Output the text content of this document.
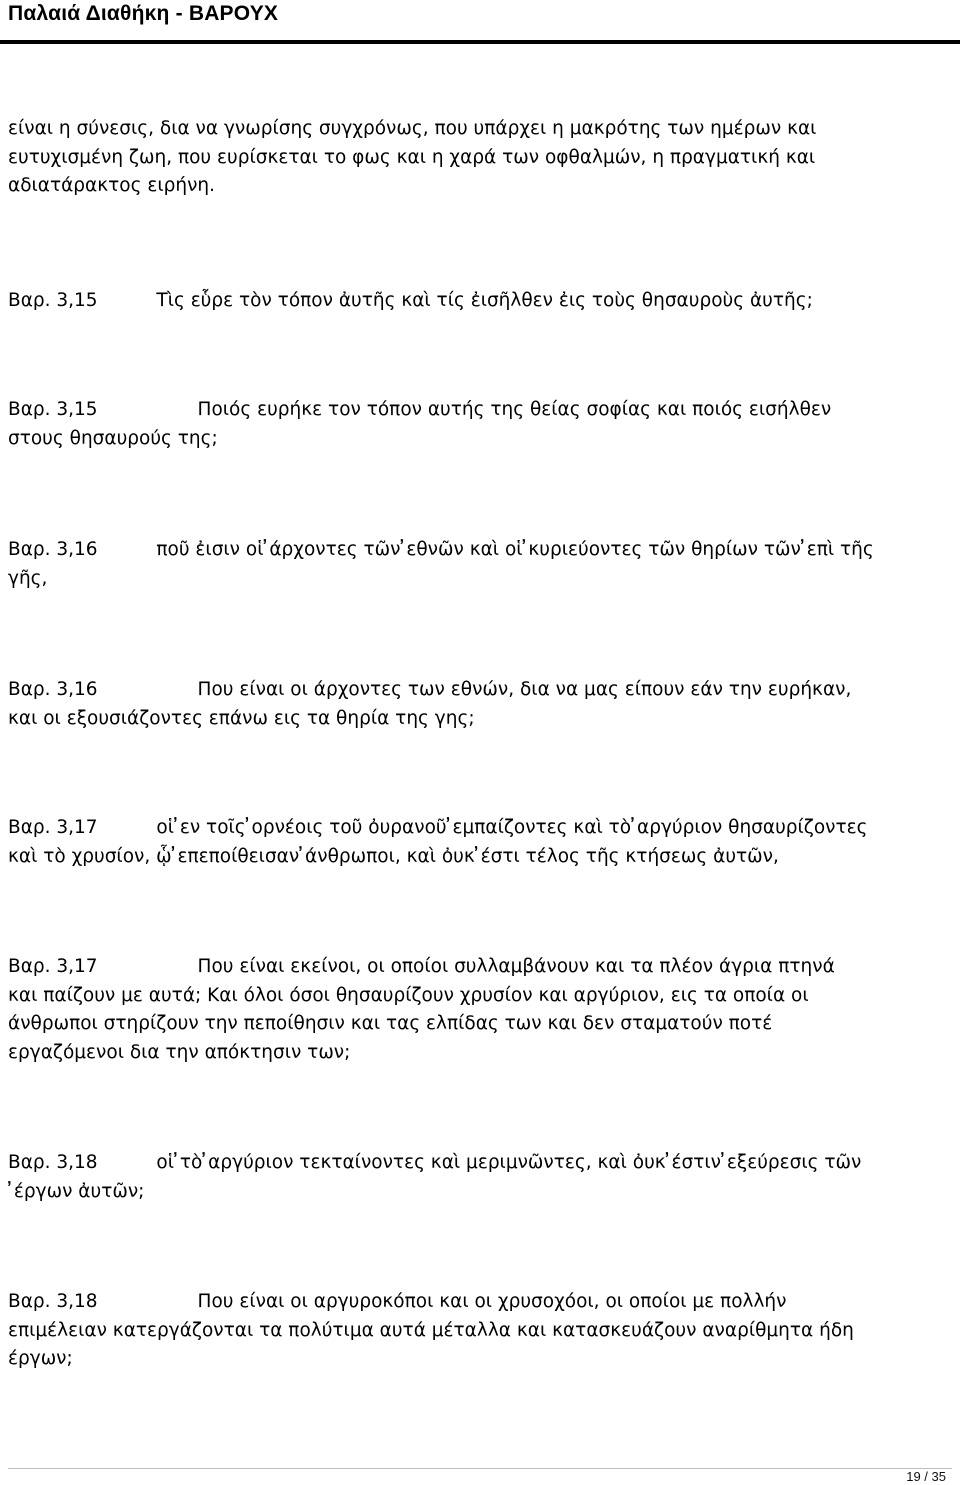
Παλαιά Διαθήκη - ΒΑΡΟΥΧ
είναι η σύνεσις, δια να γνωρίσης συγχρόνως, που υπάρχει η μακρότης των ημέρων και
ευτυχισμένη ζωη, που ευρίσκεται το φως και η χαρά των οφθαλμών, η πραγματική και
αδιατάρακτος ειρήνη.
Βαρ. 3,15          Τὶς εὗρε τὸν τόπον ἀυτῆς καὶ τίς ἐισῆλθεν ἐις τοὺς θησαυροὺς ἀυτῆς;
Βαρ. 3,15                 Ποιός ευρήκε τον τόπον αυτής της θείας σοφίας και ποιός εισήλθεν
στους θησαυρούς της;
Βαρ. 3,16          ποῦ ἐισιν οἱ ̓άρχοντες τῶν ̓εθνῶν καὶ οἱ ̓κυριεύοντες τῶν θηρίων τῶν ̓επὶ τῆς
γῆς,
Βαρ. 3,16                 Που είναι οι άρχοντες των εθνών, δια να μας είπουν εάν την ευρήκαν,
και οι εξουσιάζοντες επάνω εις τα θηρία της γης;
Βαρ. 3,17          οἱ ̓εν τοῖς ̓ορνέοις τοῦ ὀυρανοῦ ̓εμπαίζοντες καὶ τὸ ̓αργύριον θησαυρίζοντες
καὶ τὸ χρυσίον, ᾧ ̓επεποίθεισαν ̓άνθρωποι, καὶ ὀυκ ̓έστι τέλος τῆς κτήσεως ἀυτῶν,
Βαρ. 3,17                 Που είναι εκείνοι, οι οποίοι συλλαμβάνουν και τα πλέον άγρια πτηνά
και παίζουν με αυτά; Και όλοι όσοι θησαυρίζουν χρυσίον και αργύριον, εις τα οποία οι
άνθρωποι στηρίζουν την πεποίθησιν και τας ελπίδας των και δεν σταματούν ποτέ
εργαζόμενοι δια την απόκτησιν των;
Βαρ. 3,18          οἱ ̓τὸ ̓αργύριον τεκταίνοντες καὶ μεριμνῶντες, καὶ ὀυκ ̓έστιν ̓εξεύρεσις τῶν
̓έργων ἀυτῶν;
Βαρ. 3,18                 Που είναι οι αργυροκόποι και οι χρυσοχόοι, οι οποίοι με πολλήν
επιμέλειαν κατεργάζονται τα πολύτιμα αυτά μέταλλα και κατασκευάζουν αναρίθμητα ήδη
έργων;
19 / 35
